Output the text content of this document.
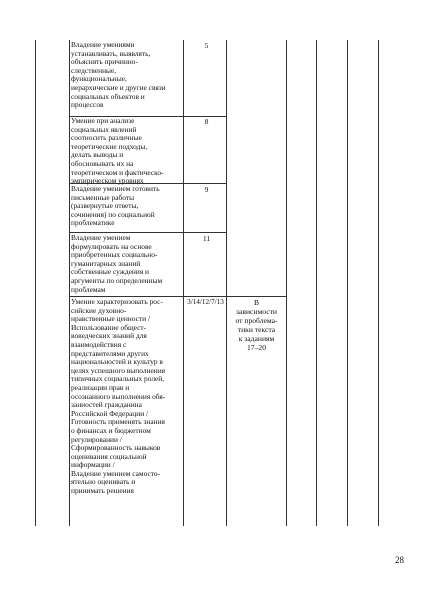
Владение умениями
устанавливать, выявлять,
объяснять причинно-
следственные,
функциональные,
иерархические и другие связи
социальных объектов и
процессов
5
Умение при анализе
социальных явлений
соотносить различные
теоретические подходы,
делать выводы и
обосновывать их на
теоретическом и фактическо-
эмпирическом уровнях
8
Владение умением готовить
письменные работы
(развернутые ответы,
сочинения) по социальной
проблематике
9
Владение умением
формулировать на основе
приобретенных социально-
гуманитарных знаний
собственные суждения и
аргументы по определенным
проблемам
11
Умение характеризовать рос-
сийские духовно-
нравственные ценности /
Использование общест-
воведческих знаний для
взаимодействия с
представителями других
национальностей и культур в
целях успешного выполнения
типичных социальных ролей,
реализации прав и
осознанного выполнения обя-
занностей гражданина
Российской Федерации /
Готовность применять знания
о финансах и бюджетном
регулировании /
Сформированность навыков
оценивания социальной
информации /
Владение умением самосто-
ятельно оценивать и
принимать решения
3/14/12/7/13	В
зависимости
от проблема-
тики текста
к заданиям
17–20
28
